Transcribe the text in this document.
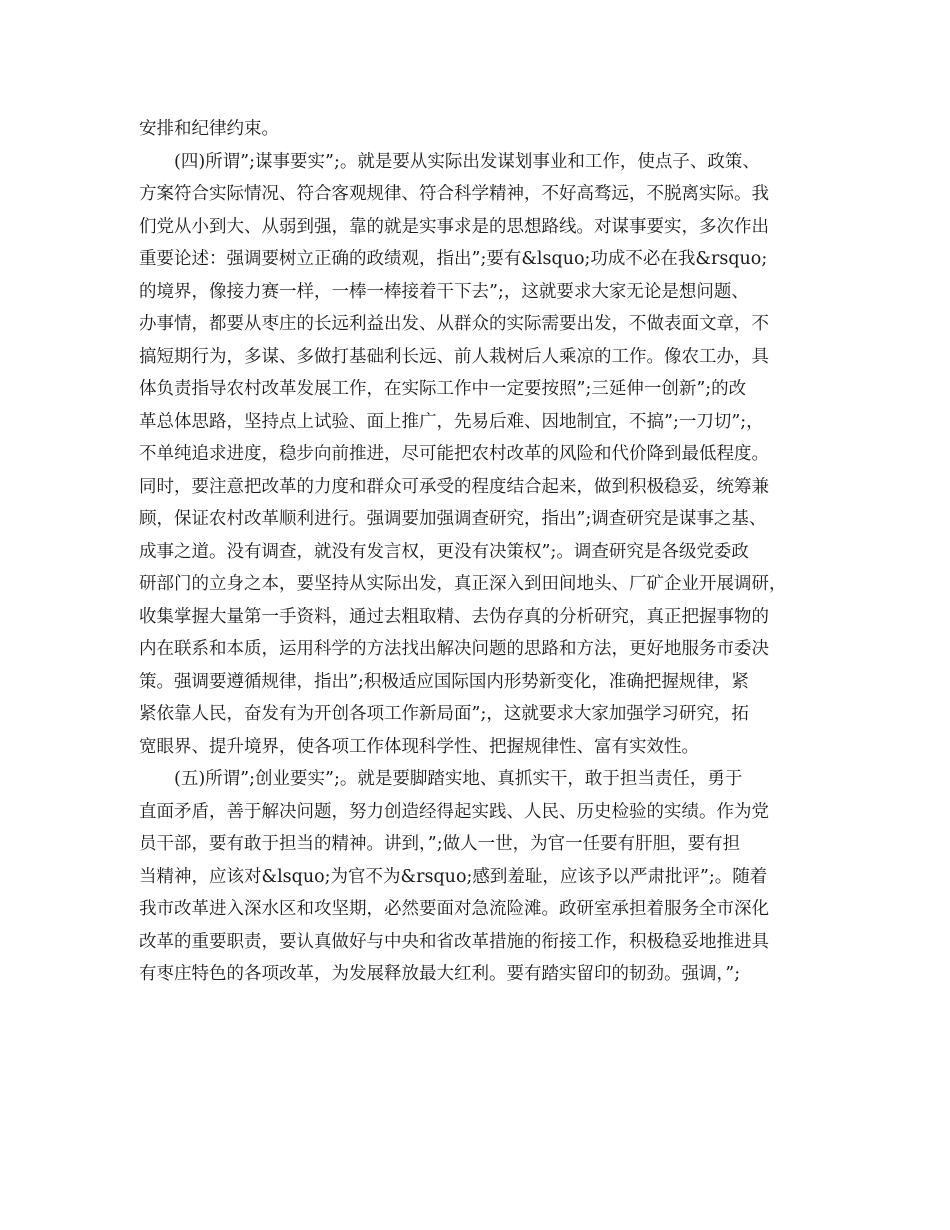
安排和纪律约束。
(四)所谓”;谋事要实”;。就是要从实际出发谋划事业和工作，使点子、政策、
方案符合实际情况、符合客观规律、符合科学精神，不好高骛远，不脱离实际。我
们党从小到大、从弱到强，靠的就是实事求是的思想路线。对谋事要实，多次作出
重要论述：强调要树立正确的政绩观，指出”;要有&lsquo;功成不必在我&rsquo;
的境界，像接力赛一样，一棒一棒接着干下去”;，这就要求大家无论是想问题、
办事情，都要从枣庄的长远利益出发、从群众的实际需要出发，不做表面文章，不
搞短期行为，多谋、多做打基础利长远、前人栽树后人乘凉的工作。像农工办，具
体负责指导农村改革发展工作，在实际工作中一定要按照”;三延伸一创新”;的改
革总体思路，坚持点上试验、面上推广，先易后难、因地制宜，不搞”;一刀切”;，
不单纯追求进度，稳步向前推进，尽可能把农村改革的风险和代价降到最低程度。
同时，要注意把改革的力度和群众可承受的程度结合起来，做到积极稳妥，统筹兼
顾，保证农村改革顺利进行。强调要加强调查研究，指出”;调查研究是谋事之基、
成事之道。没有调查，就没有发言权，更没有决策权”;。调查研究是各级党委政
研部门的立身之本，要坚持从实际出发，真正深入到田间地头、厂矿企业开展调研，
收集掌握大量第一手资料，通过去粗取精、去伪存真的分析研究，真正把握事物的
内在联系和本质，运用科学的方法找出解决问题的思路和方法，更好地服务市委决
策。强调要遵循规律，指出”;积极适应国际国内形势新变化，准确把握规律，紧
紧依靠人民，奋发有为开创各项工作新局面”;，这就要求大家加强学习研究，拓
宽眼界、提升境界，使各项工作体现科学性、把握规律性、富有实效性。
(五)所谓”;创业要实”;。就是要脚踏实地、真抓实干，敢于担当责任，勇于
直面矛盾，善于解决问题，努力创造经得起实践、人民、历史检验的实绩。作为党
员干部，要有敢于担当的精神。讲到，”;做人一世，为官一任要有肝胆，要有担
当精神，应该对&lsquo;为官不为&rsquo;感到羞耻，应该予以严肃批评”;。随着
我市改革进入深水区和攻坚期，必然要面对急流险滩。政研室承担着服务全市深化
改革的重要职责，要认真做好与中央和省改革措施的衔接工作，积极稳妥地推进具
有枣庄特色的各项改革，为发展释放最大红利。要有踏实留印的韧劲。强调，”;
